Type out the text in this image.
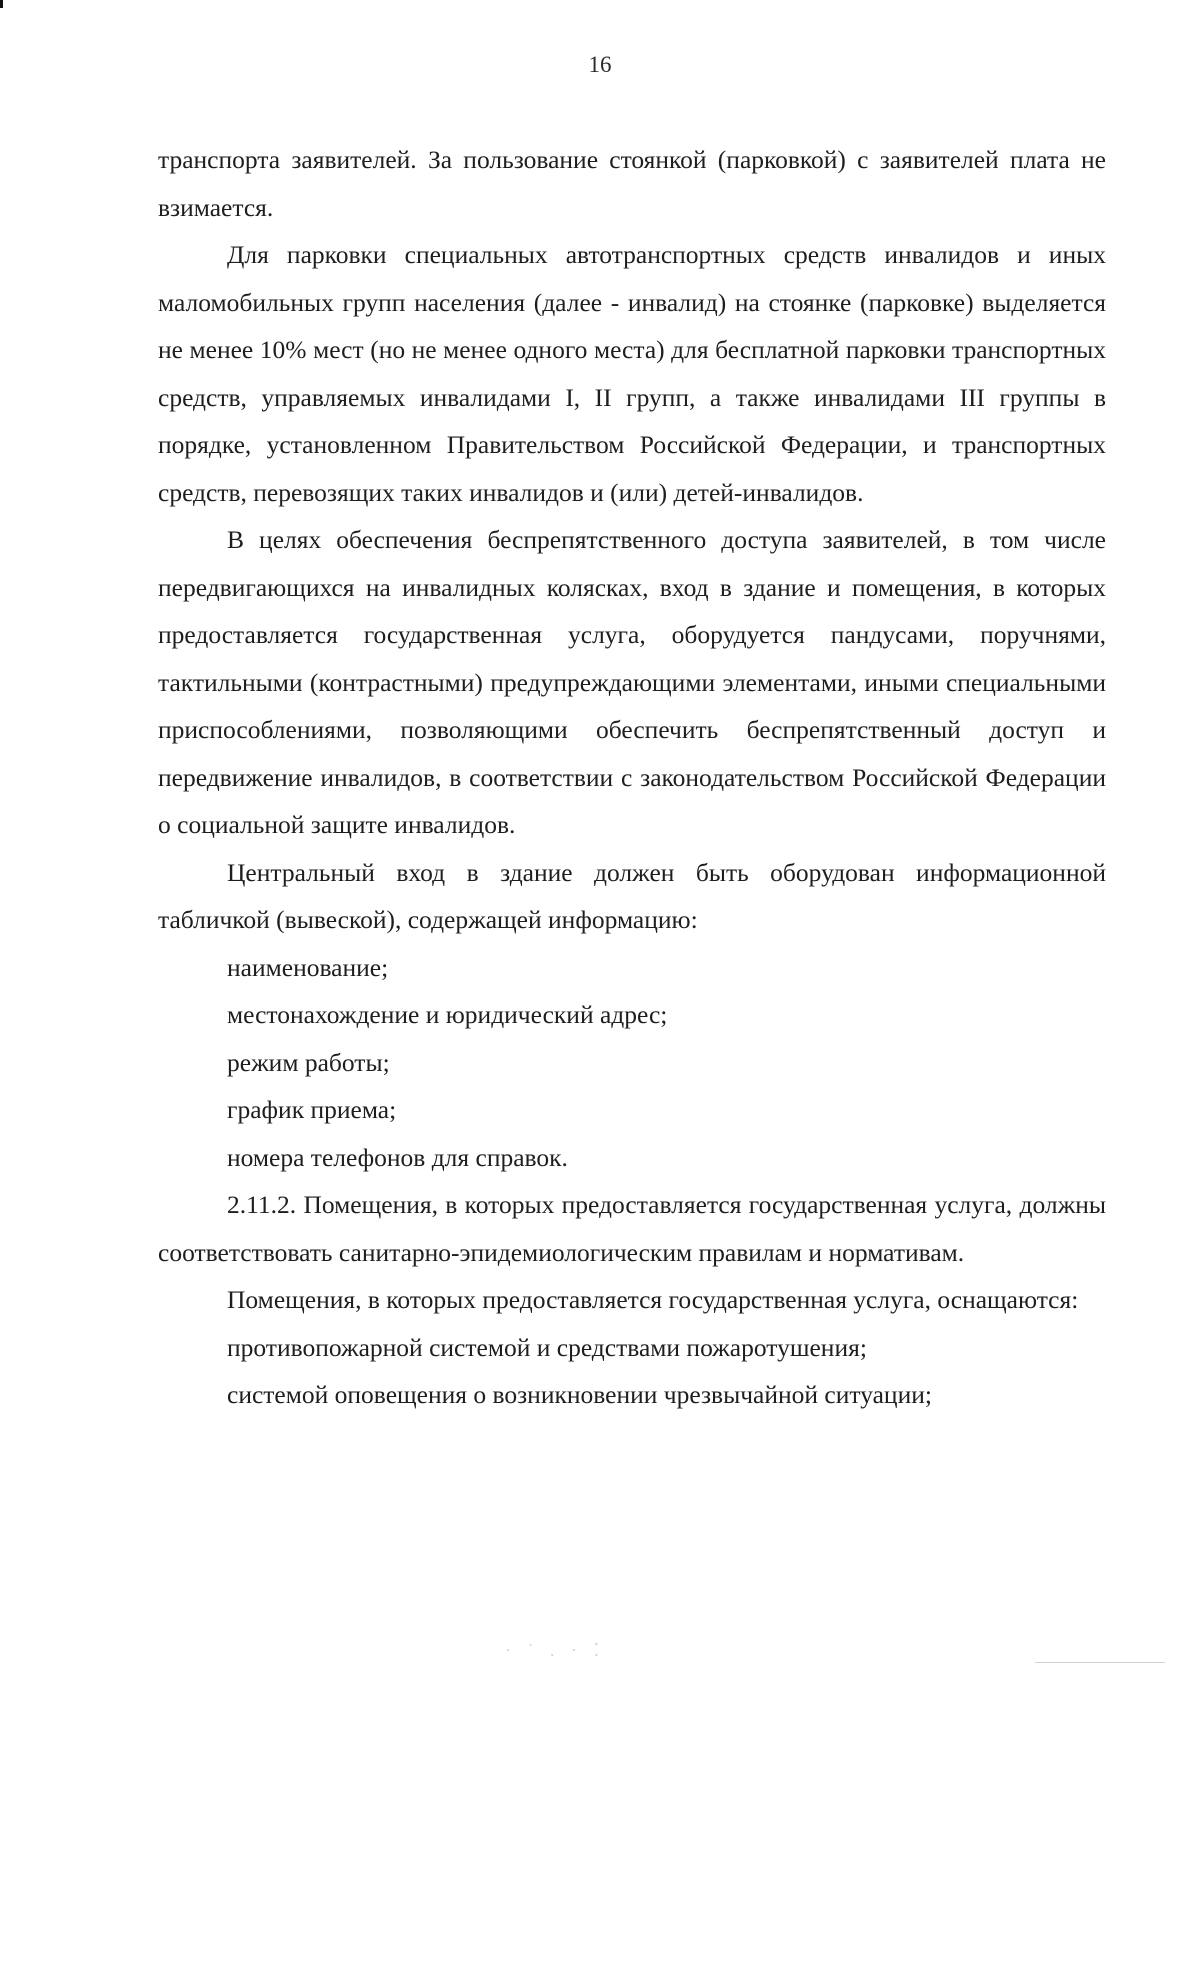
16

транспорта заявителей. За пользование стоянкой (парковкой) с заявителей плата не взимается.

Для парковки специальных автотранспортных средств инвалидов и иных маломобильных групп населения (далее - инвалид) на стоянке (парковке) выделяется не менее 10% мест (но не менее одного места) для бесплатной парковки транспортных средств, управляемых инвалидами I, II групп, а также инвалидами III группы в порядке, установленном Правительством Российской Федерации, и транспортных средств, перевозящих таких инвалидов и (или) детей-инвалидов.

В целях обеспечения беспрепятственного доступа заявителей, в том числе передвигающихся на инвалидных колясках, вход в здание и помещения, в которых предоставляется государственная услуга, оборудуется пандусами, поручнями, тактильными (контрастными) предупреждающими элементами, иными специальными приспособлениями, позволяющими обеспечить беспрепятственный доступ и передвижение инвалидов, в соответствии с законодательством Российской Федерации о социальной защите инвалидов.

Центральный вход в здание должен быть оборудован информационной табличкой (вывеской), содержащей информацию:

наименование;

местонахождение и юридический адрес;

режим работы;

график приема;

номера телефонов для справок.

2.11.2. Помещения, в которых предоставляется государственная услуга, должны соответствовать санитарно-эпидемиологическим правилам и нормативам.

Помещения, в которых предоставляется государственная услуга, оснащаются:

противопожарной системой и средствами пожаротушения;

системой оповещения о возникновении чрезвычайной ситуации;

· ˙ . · ⁚
